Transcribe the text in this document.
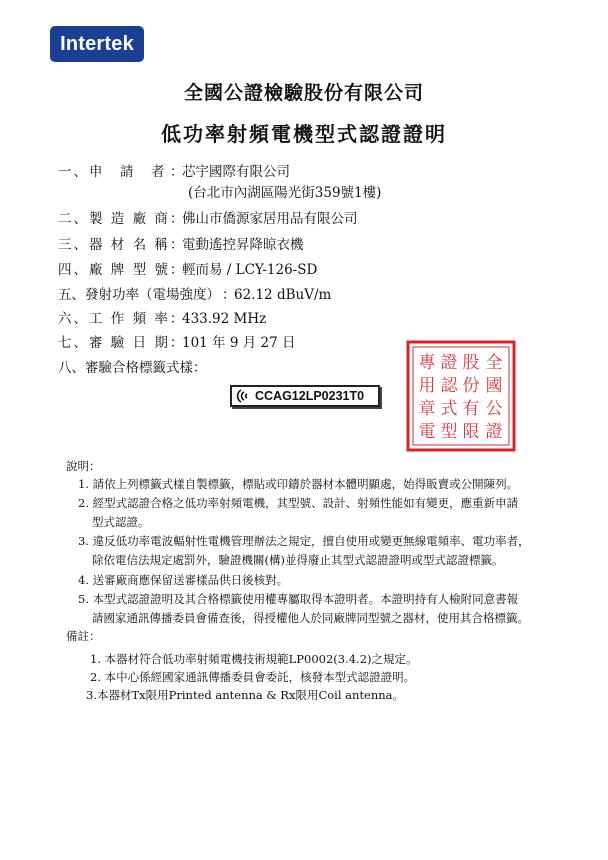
Intertek
全國公證檢驗股份有限公司
低功率射頻電機型式認證證明
一、申　請　者 ：芯宇國際有限公司
(台北市內湖區陽光街359號1樓)
二、製 造 廠 商：佛山市僑源家居用品有限公司
三、器 材 名 稱：電動遙控昇降晾衣機
四、廠 牌 型 號：輕而易 / LCY-126-SD
五、發射功率（電場強度） ：62.12 dBuV/m
六、工 作 頻 率：433.92 MHz
七、審 驗 日 期：101 年 9 月 27 日
八、審驗合格標籤式樣：
CCAG12LP0231T0
專 證 股 全
用 認 份 國
章 式 有 公
電 型 限 證
說明：
1. 請依上列標籤式樣自製標籤，標貼或印鑄於器材本體明顯處，始得販賣或公開陳列。
2. 經型式認證合格之低功率射頻電機，其型號、設計、射頻性能如有變更，應重新申請
型式認證。
3. 違反低功率電波輻射性電機管理辦法之規定，擅自使用或變更無線電頻率、電功率者，
除依電信法規定處罰外，驗證機關(構)並得廢止其型式認證證明或型式認證標籤。
4. 送審廠商應保留送審樣品供日後核對。
5. 本型式認證證明及其合格標籤使用權專屬取得本證明者。本證明持有人檢附同意書報
請國家通訊傳播委員會備查後，得授權他人於同廠牌同型號之器材，使用其合格標籤。
備註：
1. 本器材符合低功率射頻電機技術規範LP0002(3.4.2)之規定。
2. 本中心係經國家通訊傳播委員會委託，核發本型式認證證明。
3.本器材Tx限用Printed antenna & Rx限用Coil antenna。
